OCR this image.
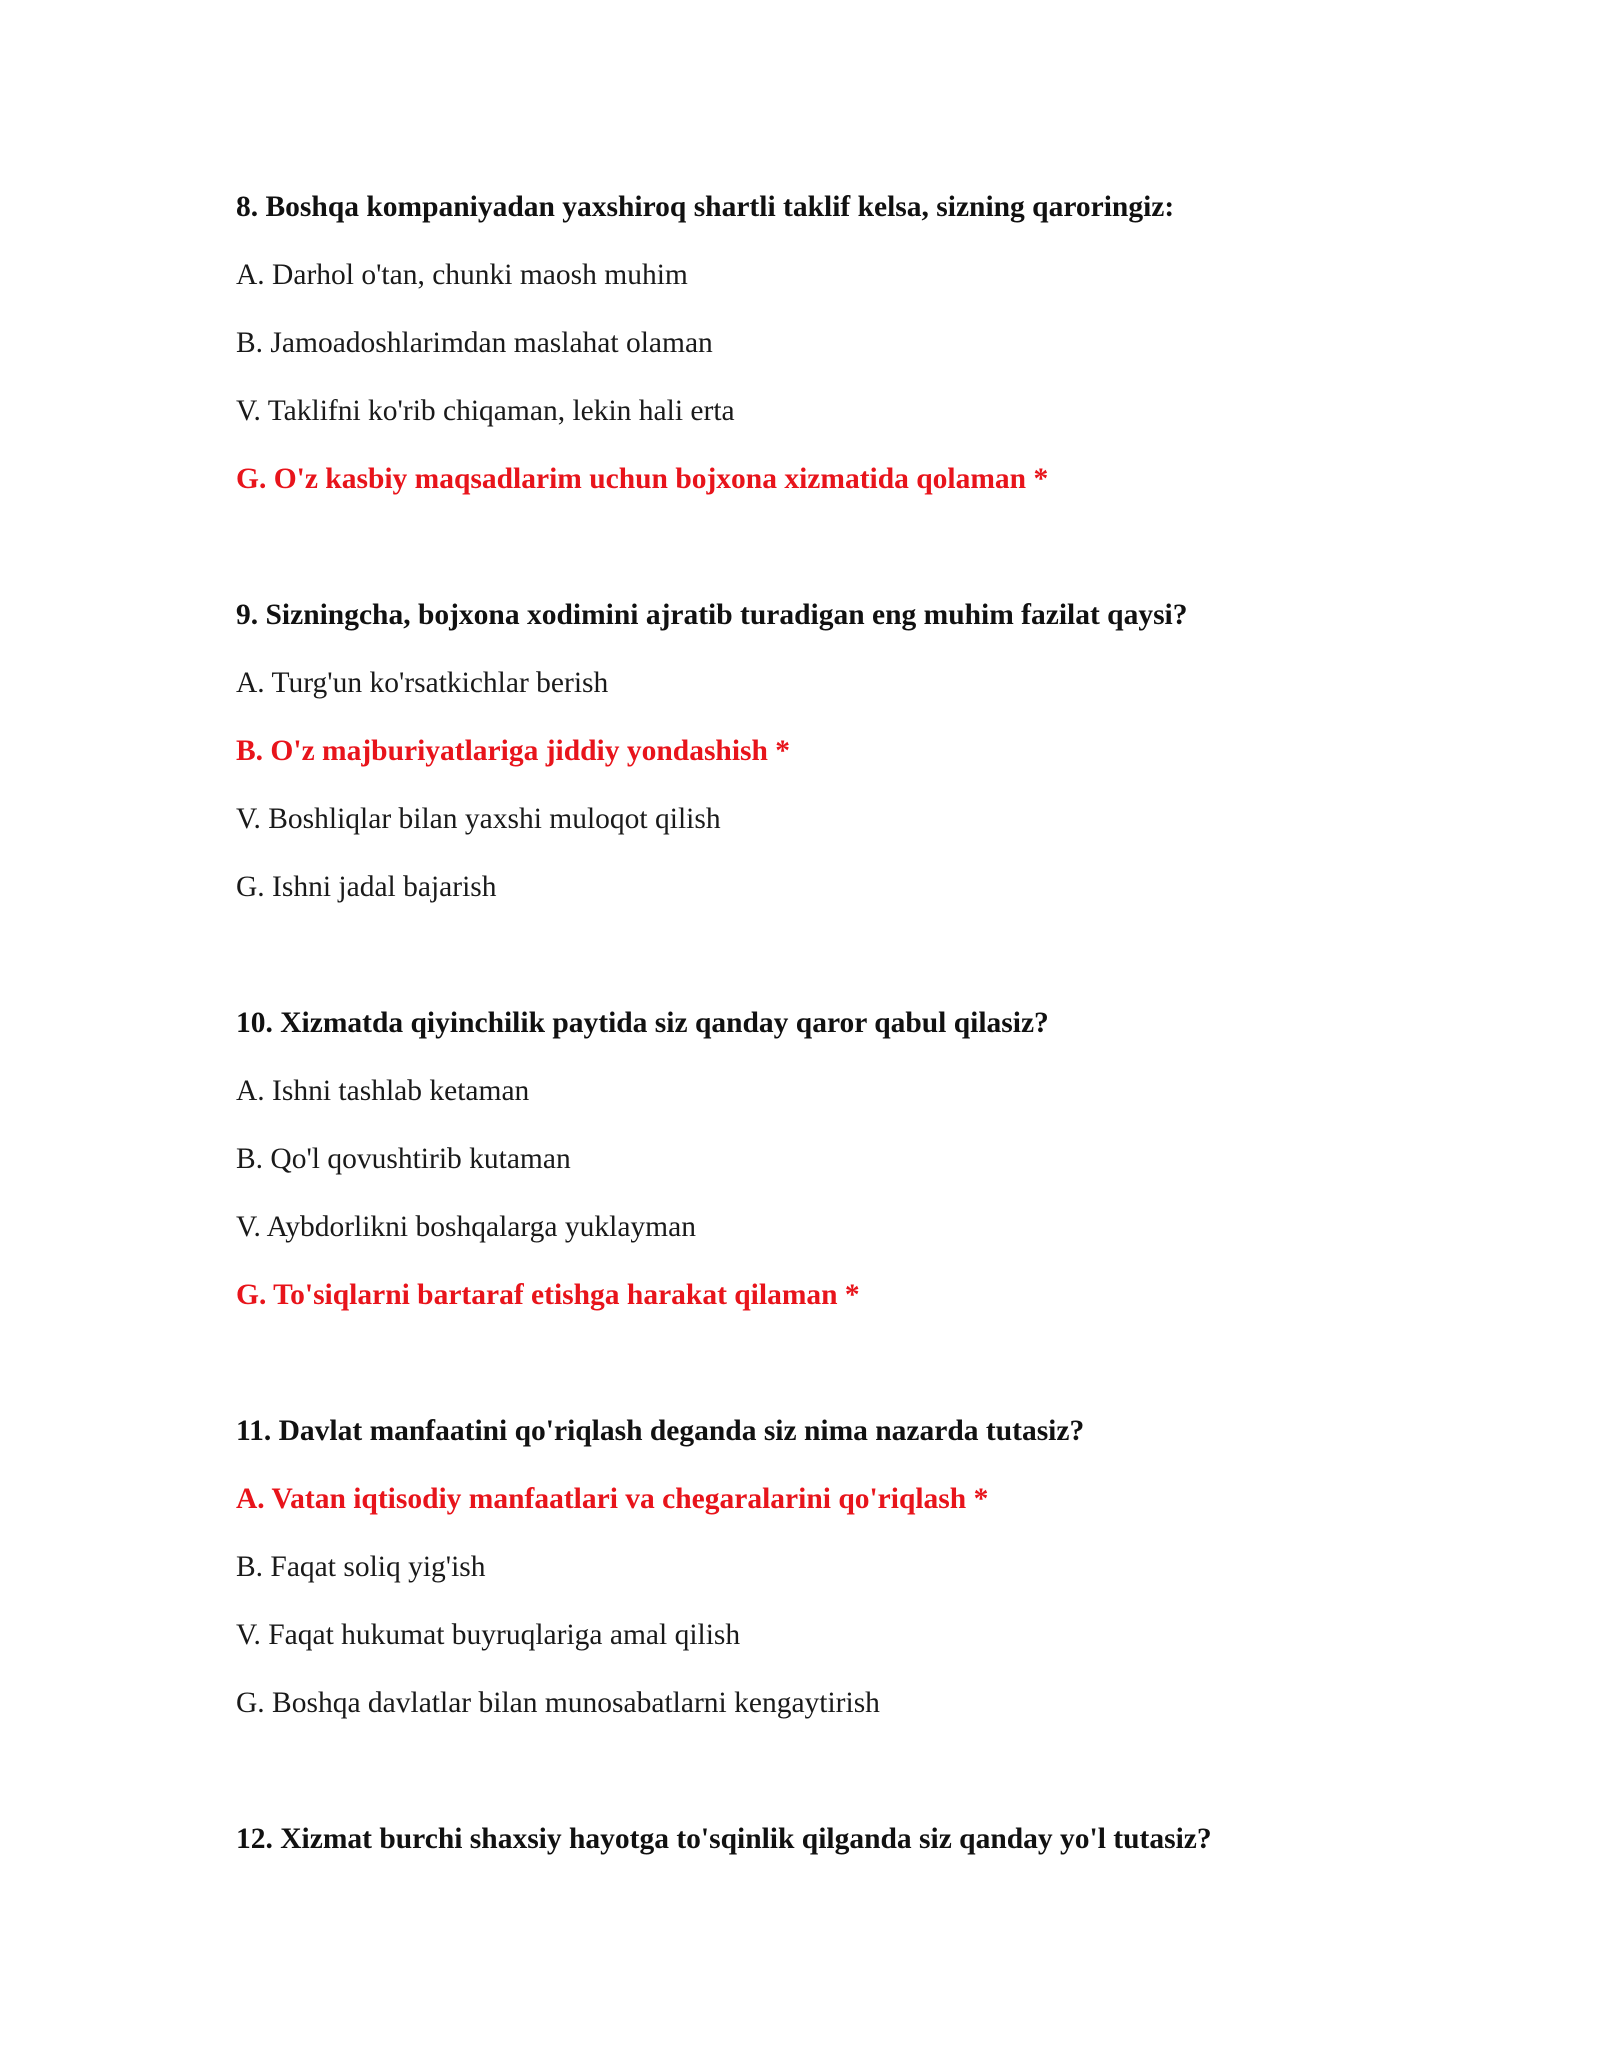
8. Boshqa kompaniyadan yaxshiroq shartli taklif kelsa, sizning qaroringiz:
A. Darhol o'tan, chunki maosh muhim
B. Jamoadoshlarimdan maslahat olaman
V. Taklifni ko'rib chiqaman, lekin hali erta
G. O'z kasbiy maqsadlarim uchun bojxona xizmatida qolaman *
9. Sizningcha, bojxona xodimini ajratib turadigan eng muhim fazilat qaysi?
A. Turg'un ko'rsatkichlar berish
B. O'z majburiyatlariga jiddiy yondashish *
V. Boshliqlar bilan yaxshi muloqot qilish
G. Ishni jadal bajarish
10. Xizmatda qiyinchilik paytida siz qanday qaror qabul qilasiz?
A. Ishni tashlab ketaman
B. Qo'l qovushtirib kutaman
V. Aybdorlikni boshqalarga yuklayman
G. To'siqlarni bartaraf etishga harakat qilaman *
11. Davlat manfaatini qo'riqlash deganda siz nima nazarda tutasiz?
A. Vatan iqtisodiy manfaatlari va chegaralarini qo'riqlash *
B. Faqat soliq yig'ish
V. Faqat hukumat buyruqlariga amal qilish
G. Boshqa davlatlar bilan munosabatlarni kengaytirish
12. Xizmat burchi shaxsiy hayotga to'sqinlik qilganda siz qanday yo'l tutasiz?
